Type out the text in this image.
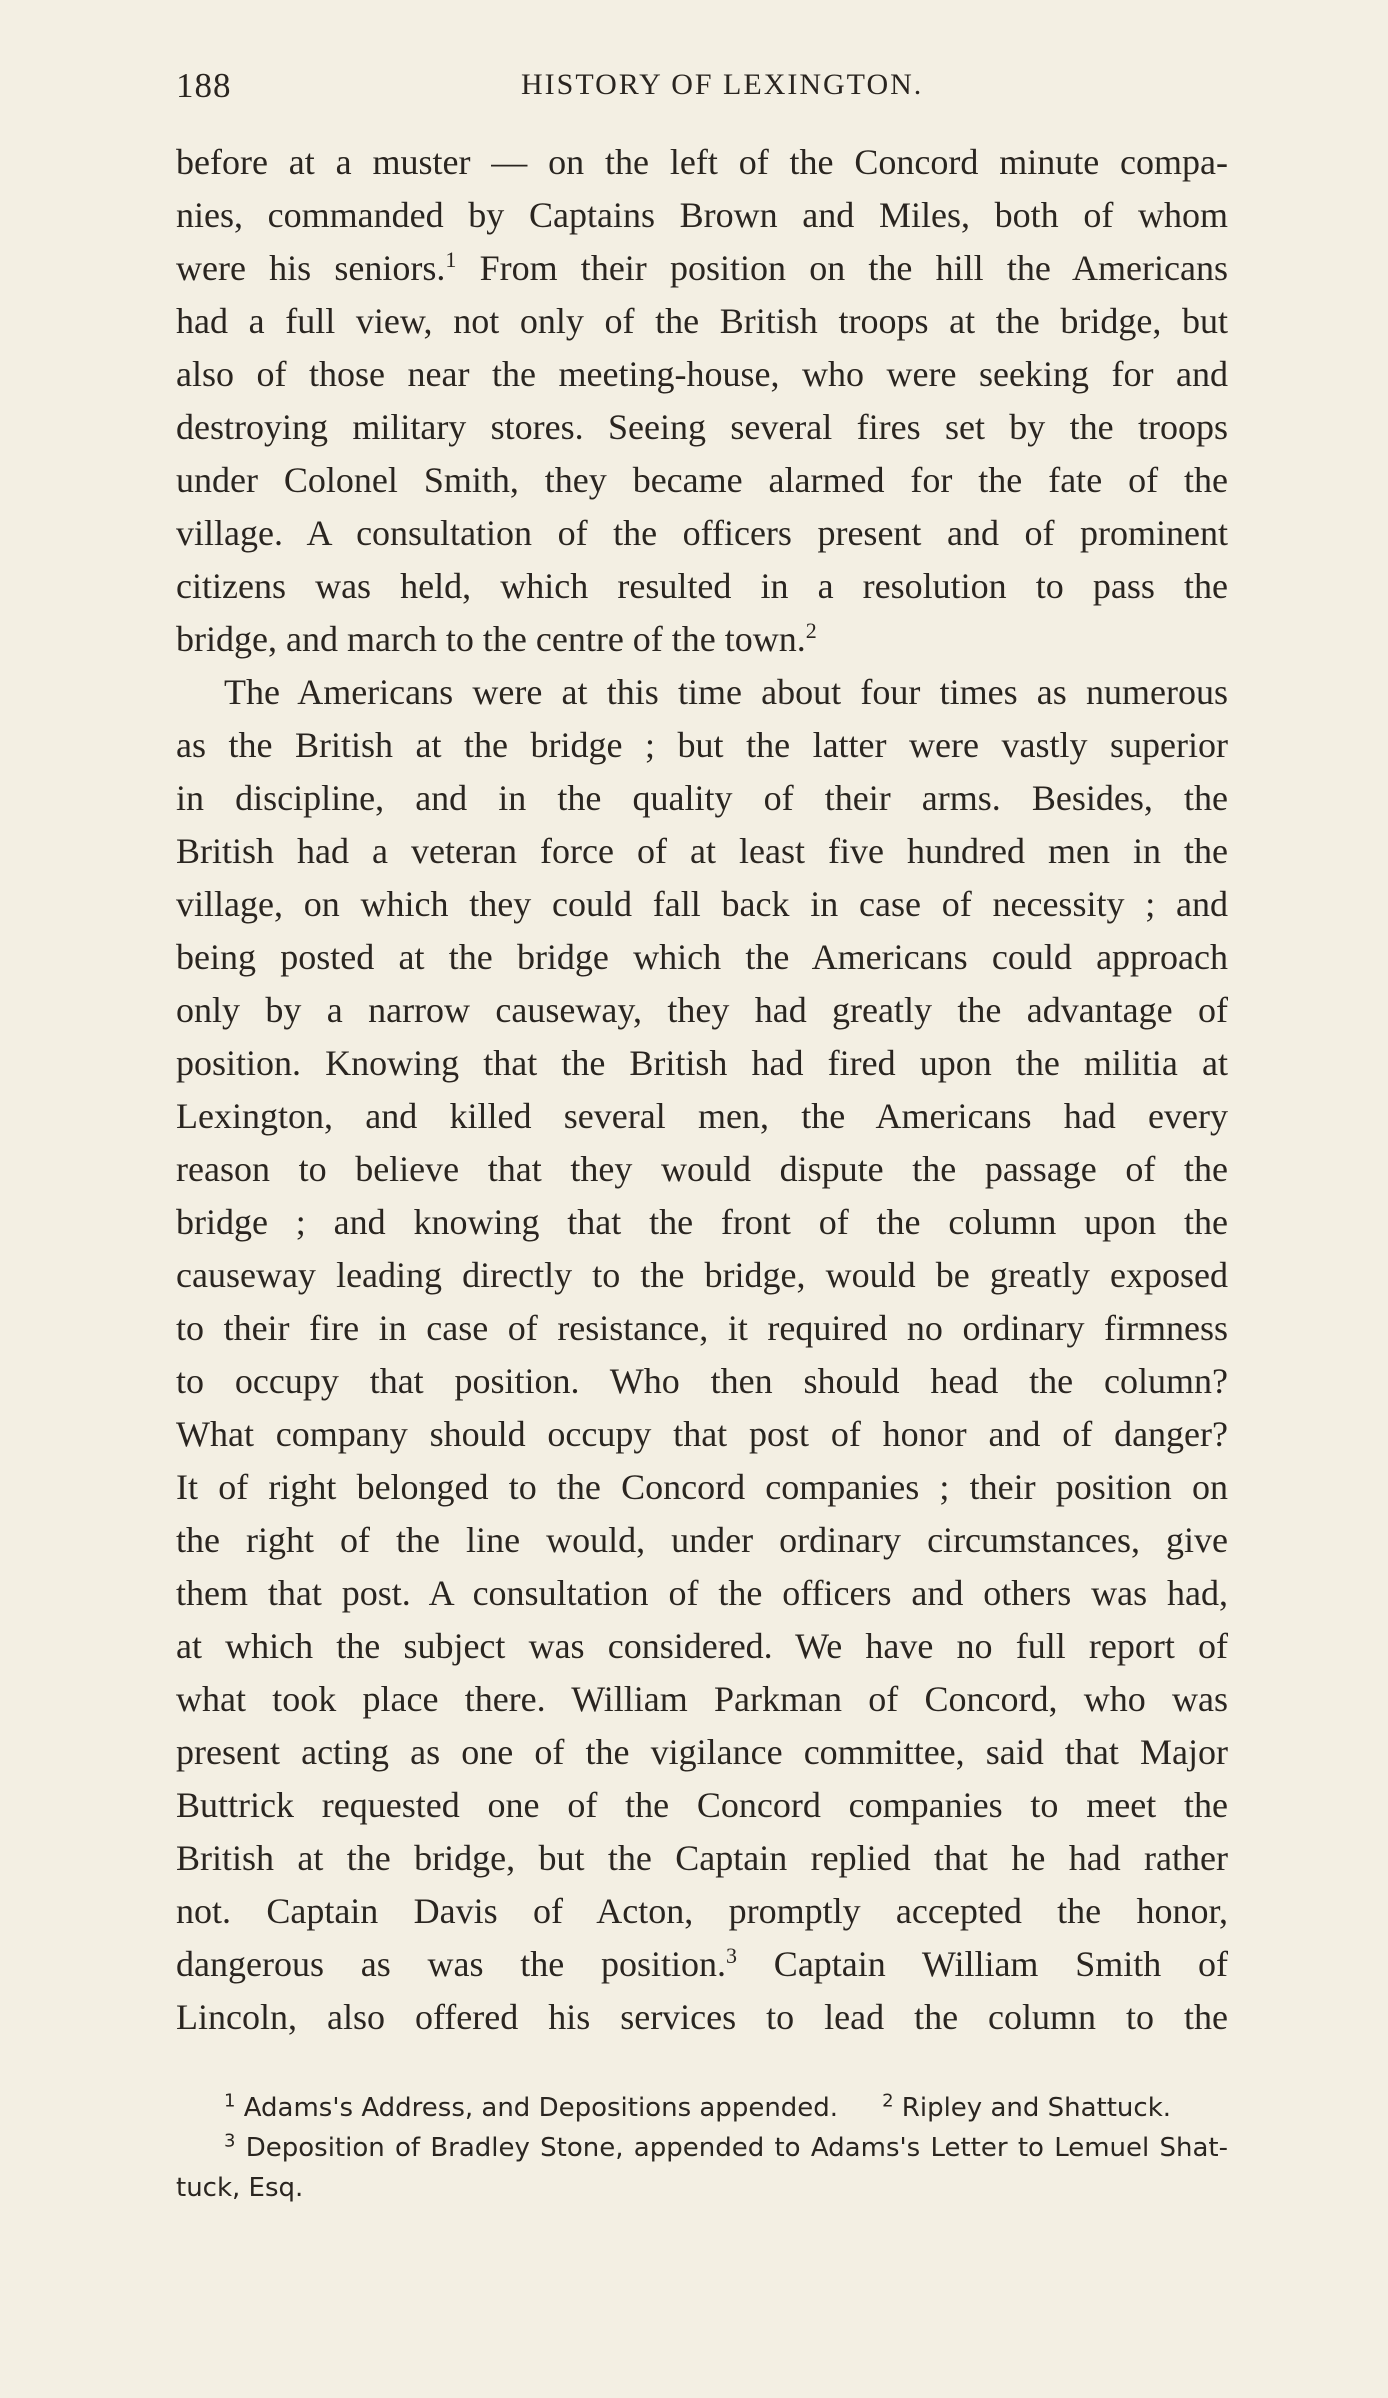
188	HISTORY OF LEXINGTON.
before at a muster — on the left of the Concord minute compa-
nies, commanded by Captains Brown and Miles, both of whom
were his seniors.$^1$ From their position on the hill the Americans
had a full view, not only of the British troops at the bridge, but
also of those near the meeting-house, who were seeking for and
destroying military stores. Seeing several fires set by the troops
under Colonel Smith, they became alarmed for the fate of the
village. A consultation of the officers present and of prominent
citizens was held, which resulted in a resolution to pass the
bridge, and march to the centre of the town.$^2$
The Americans were at this time about four times as numerous
as the British at the bridge ; but the latter were vastly superior
in discipline, and in the quality of their arms. Besides, the
British had a veteran force of at least five hundred men in the
village, on which they could fall back in case of necessity ; and
being posted at the bridge which the Americans could approach
only by a narrow causeway, they had greatly the advantage of
position. Knowing that the British had fired upon the militia at
Lexington, and killed several men, the Americans had every
reason to believe that they would dispute the passage of the
bridge ; and knowing that the front of the column upon the
causeway leading directly to the bridge, would be greatly exposed
to their fire in case of resistance, it required no ordinary firmness
to occupy that position. Who then should head the column?
What company should occupy that post of honor and of danger?
It of right belonged to the Concord companies ; their position on
the right of the line would, under ordinary circumstances, give
them that post. A consultation of the officers and others was had,
at which the subject was considered. We have no full report of
what took place there. William Parkman of Concord, who was
present acting as one of the vigilance committee, said that Major
Buttrick requested one of the Concord companies to meet the
British at the bridge, but the Captain replied that he had rather
not. Captain Davis of Acton, promptly accepted the honor,
dangerous as was the position.$^3$ Captain William Smith of
Lincoln, also offered his services to lead the column to the
$^1$ Adams's Address, and Depositions appended. $^2$ Ripley and Shattuck.
$^3$ Deposition of Bradley Stone, appended to Adams's Letter to Lemuel Shat-
tuck, Esq.
